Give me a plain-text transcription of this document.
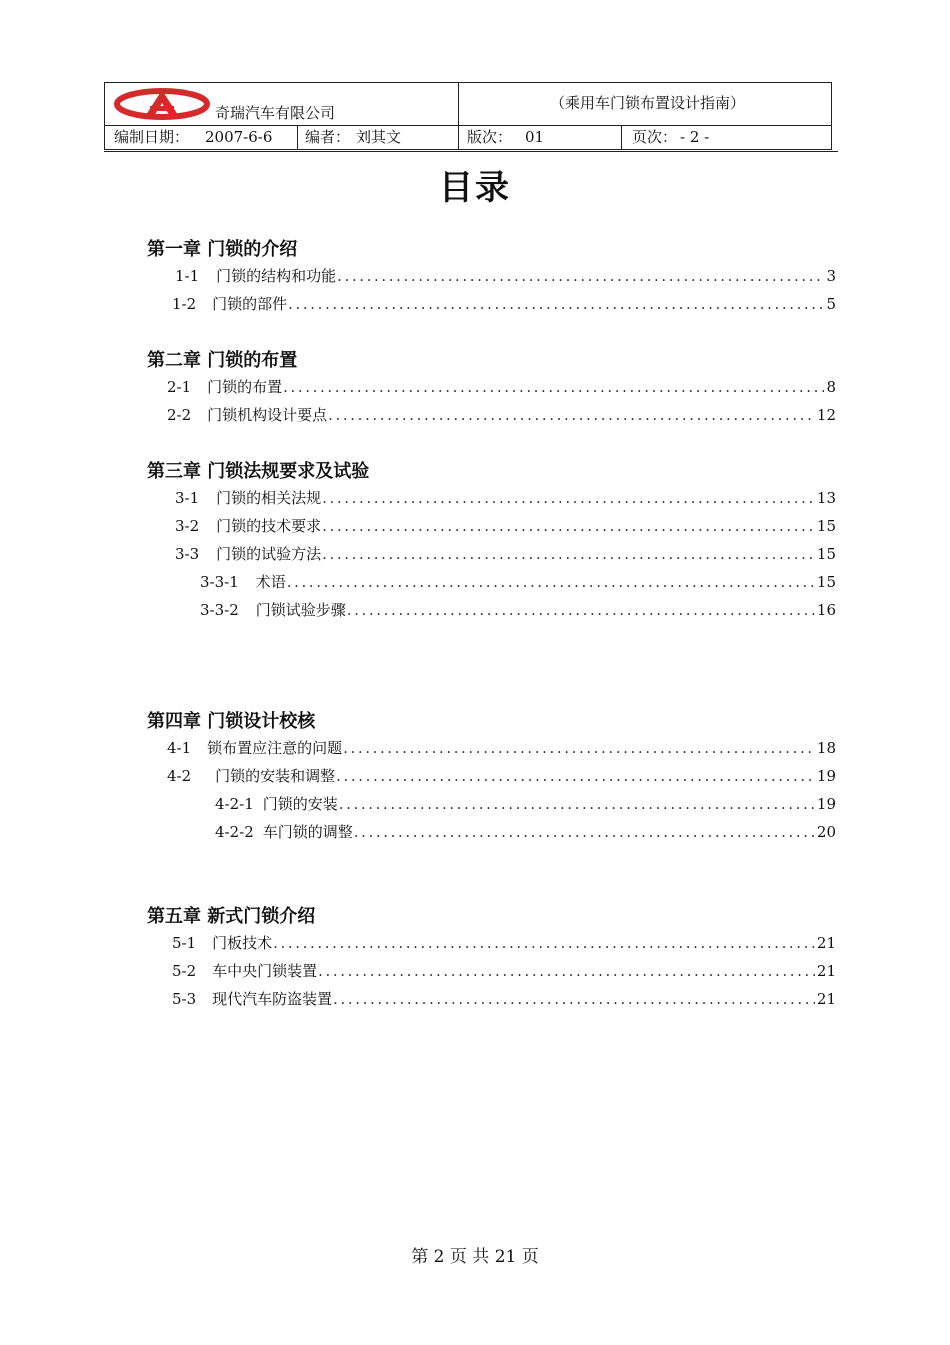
奇瑞汽车有限公司
（乘用车门锁布置设计指南）
编制日期： 2007-6-6 编者： 刘其文	版次： 01	页次： - 2 -
目录
第一章 门锁的介绍
1-1 门锁的结构和功能 .....	3
1-2 门锁的部件 .....	5
第二章 门锁的布置
2-1 门锁的布置 .....	8
2-2 门锁机构设计要点 .....	12
第三章 门锁法规要求及试验
3-1 门锁的相关法规 .....	13
3-2 门锁的技术要求 .....	15
3-3 门锁的试验方法 .....	15
3-3-1 术语 .....	15
3-3-2 门锁试验步骤 .....	16
第四章 门锁设计校核
4-1 锁布置应注意的问题 .....	18
4-2 门锁的安装和调整 .....	19
4-2-1 门锁的安装 .....	19
4-2-2 车门锁的调整 .....	20
第五章 新式门锁介绍
5-1 门板技术 .....	21
5-2 车中央门锁装置 .....	21
5-3 现代汽车防盗装置 .....	21
第 2 页 共 21 页
